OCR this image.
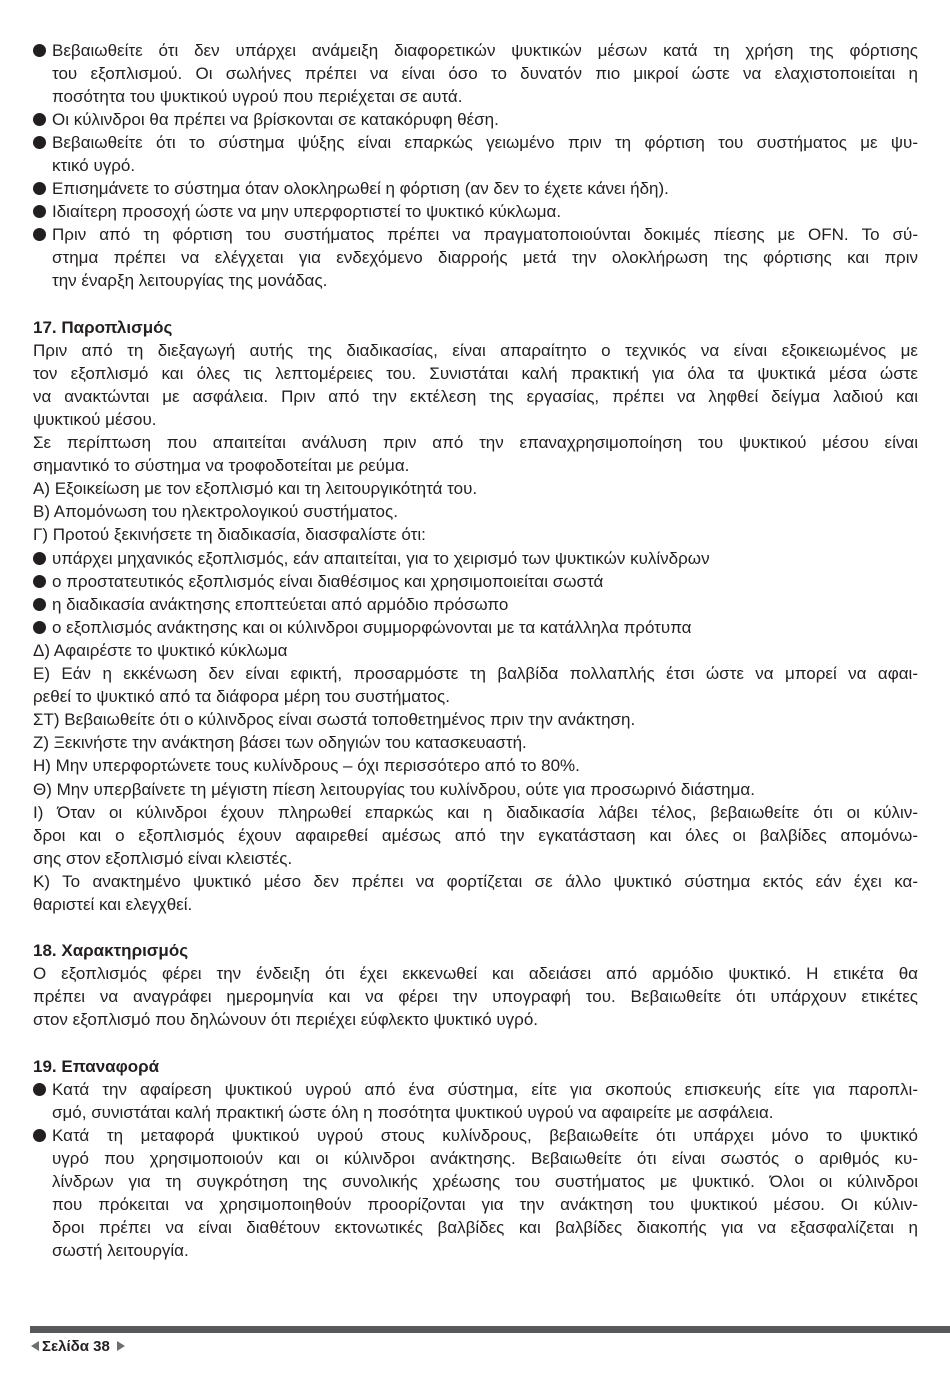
Βεβαιωθείτε ότι δεν υπάρχει ανάμειξη διαφορετικών ψυκτικών μέσων κατά τη χρήση της φόρτισης
του εξοπλισμού. Οι σωλήνες πρέπει να είναι όσο το δυνατόν πιο μικροί ώστε να ελαχιστοποιείται η
ποσότητα του ψυκτικού υγρού που περιέχεται σε αυτά.
Οι κύλινδροι θα πρέπει να βρίσκονται σε κατακόρυφη θέση.
Βεβαιωθείτε ότι το σύστημα ψύξης είναι επαρκώς γειωμένο πριν τη φόρτιση του συστήματος με ψυ-
κτικό υγρό.
Επισημάνετε το σύστημα όταν ολοκληρωθεί η φόρτιση (αν δεν το έχετε κάνει ήδη).
Ιδιαίτερη προσοχή ώστε να μην υπερφορτιστεί το ψυκτικό κύκλωμα.
Πριν από τη φόρτιση του συστήματος πρέπει να πραγματοποιούνται δοκιμές πίεσης με OFN. Το σύ-
στημα πρέπει να ελέγχεται για ενδεχόμενο διαρροής μετά την ολοκλήρωση της φόρτισης και πριν
την έναρξη λειτουργίας της μονάδας.
17. Παροπλισμός
Πριν από τη διεξαγωγή αυτής της διαδικασίας, είναι απαραίτητο ο τεχνικός να είναι εξοικειωμένος με
τον εξοπλισμό και όλες τις λεπτομέρειες του. Συνιστάται καλή πρακτική για όλα τα ψυκτικά μέσα ώστε
να ανακτώνται με ασφάλεια. Πριν από την εκτέλεση της εργασίας, πρέπει να ληφθεί δείγμα λαδιού και
ψυκτικού μέσου.
Σε περίπτωση που απαιτείται ανάλυση πριν από την επαναχρησιμοποίηση του ψυκτικού μέσου είναι
σημαντικό το σύστημα να τροφοδοτείται με ρεύμα.
Α) Εξοικείωση με τον εξοπλισμό και τη λειτουργικότητά του.
Β) Απομόνωση του ηλεκτρολογικού συστήματος.
Γ) Προτού ξεκινήσετε τη διαδικασία, διασφαλίστε ότι:
υπάρχει μηχανικός εξοπλισμός, εάν απαιτείται, για το χειρισμό των ψυκτικών κυλίνδρων
ο προστατευτικός εξοπλισμός είναι διαθέσιμος και χρησιμοποιείται σωστά
η διαδικασία ανάκτησης εποπτεύεται από αρμόδιο πρόσωπο
ο εξοπλισμός ανάκτησης και οι κύλινδροι συμμορφώνονται με τα κατάλληλα πρότυπα
Δ) Αφαιρέστε το ψυκτικό κύκλωμα
Ε) Εάν η εκκένωση δεν είναι εφικτή, προσαρμόστε τη βαλβίδα πολλαπλής έτσι ώστε να μπορεί να αφαι-
ρεθεί το ψυκτικό από τα διάφορα μέρη του συστήματος.
ΣΤ) Βεβαιωθείτε ότι ο κύλινδρος είναι σωστά τοποθετημένος πριν την ανάκτηση.
Ζ) Ξεκινήστε την ανάκτηση βάσει των οδηγιών του κατασκευαστή.
Η) Μην υπερφορτώνετε τους κυλίνδρους – όχι περισσότερο από το 80%.
Θ) Μην υπερβαίνετε τη μέγιστη πίεση λειτουργίας του κυλίνδρου, ούτε για προσωρινό διάστημα.
Ι) Όταν οι κύλινδροι έχουν πληρωθεί επαρκώς και η διαδικασία λάβει τέλος, βεβαιωθείτε ότι οι κύλιν-
δροι και ο εξοπλισμός έχουν αφαιρεθεί αμέσως από την εγκατάσταση και όλες οι βαλβίδες απομόνω-
σης στον εξοπλισμό είναι κλειστές.
Κ) Το ανακτημένο ψυκτικό μέσο δεν πρέπει να φορτίζεται σε άλλο ψυκτικό σύστημα εκτός εάν έχει κα-
θαριστεί και ελεγχθεί.
18. Χαρακτηρισμός
Ο εξοπλισμός φέρει την ένδειξη ότι έχει εκκενωθεί και αδειάσει από αρμόδιο ψυκτικό. Η ετικέτα θα
πρέπει να αναγράφει ημερομηνία και να φέρει την υπογραφή του. Βεβαιωθείτε ότι υπάρχουν ετικέτες
στον εξοπλισμό που δηλώνουν ότι περιέχει εύφλεκτο ψυκτικό υγρό.
19. Επαναφορά
Κατά την αφαίρεση ψυκτικού υγρού από ένα σύστημα, είτε για σκοπούς επισκευής είτε για παροπλι-
σμό, συνιστάται καλή πρακτική ώστε όλη η ποσότητα ψυκτικού υγρού να αφαιρείτε με ασφάλεια.
Κατά τη μεταφορά ψυκτικού υγρού στους κυλίνδρους, βεβαιωθείτε ότι υπάρχει μόνο το ψυκτικό
υγρό που χρησιμοποιούν και οι κύλινδροι ανάκτησης. Βεβαιωθείτε ότι είναι σωστός ο αριθμός κυ-
λίνδρων για τη συγκρότηση της συνολικής χρέωσης του συστήματος με ψυκτικό. Όλοι οι κύλινδροι
που πρόκειται να χρησιμοποιηθούν προορίζονται για την ανάκτηση του ψυκτικού μέσου. Οι κύλιν-
δροι πρέπει να είναι διαθέτουν εκτονωτικές βαλβίδες και βαλβίδες διακοπής για να εξασφαλίζεται η
σωστή λειτουργία.
Σελίδα 38
